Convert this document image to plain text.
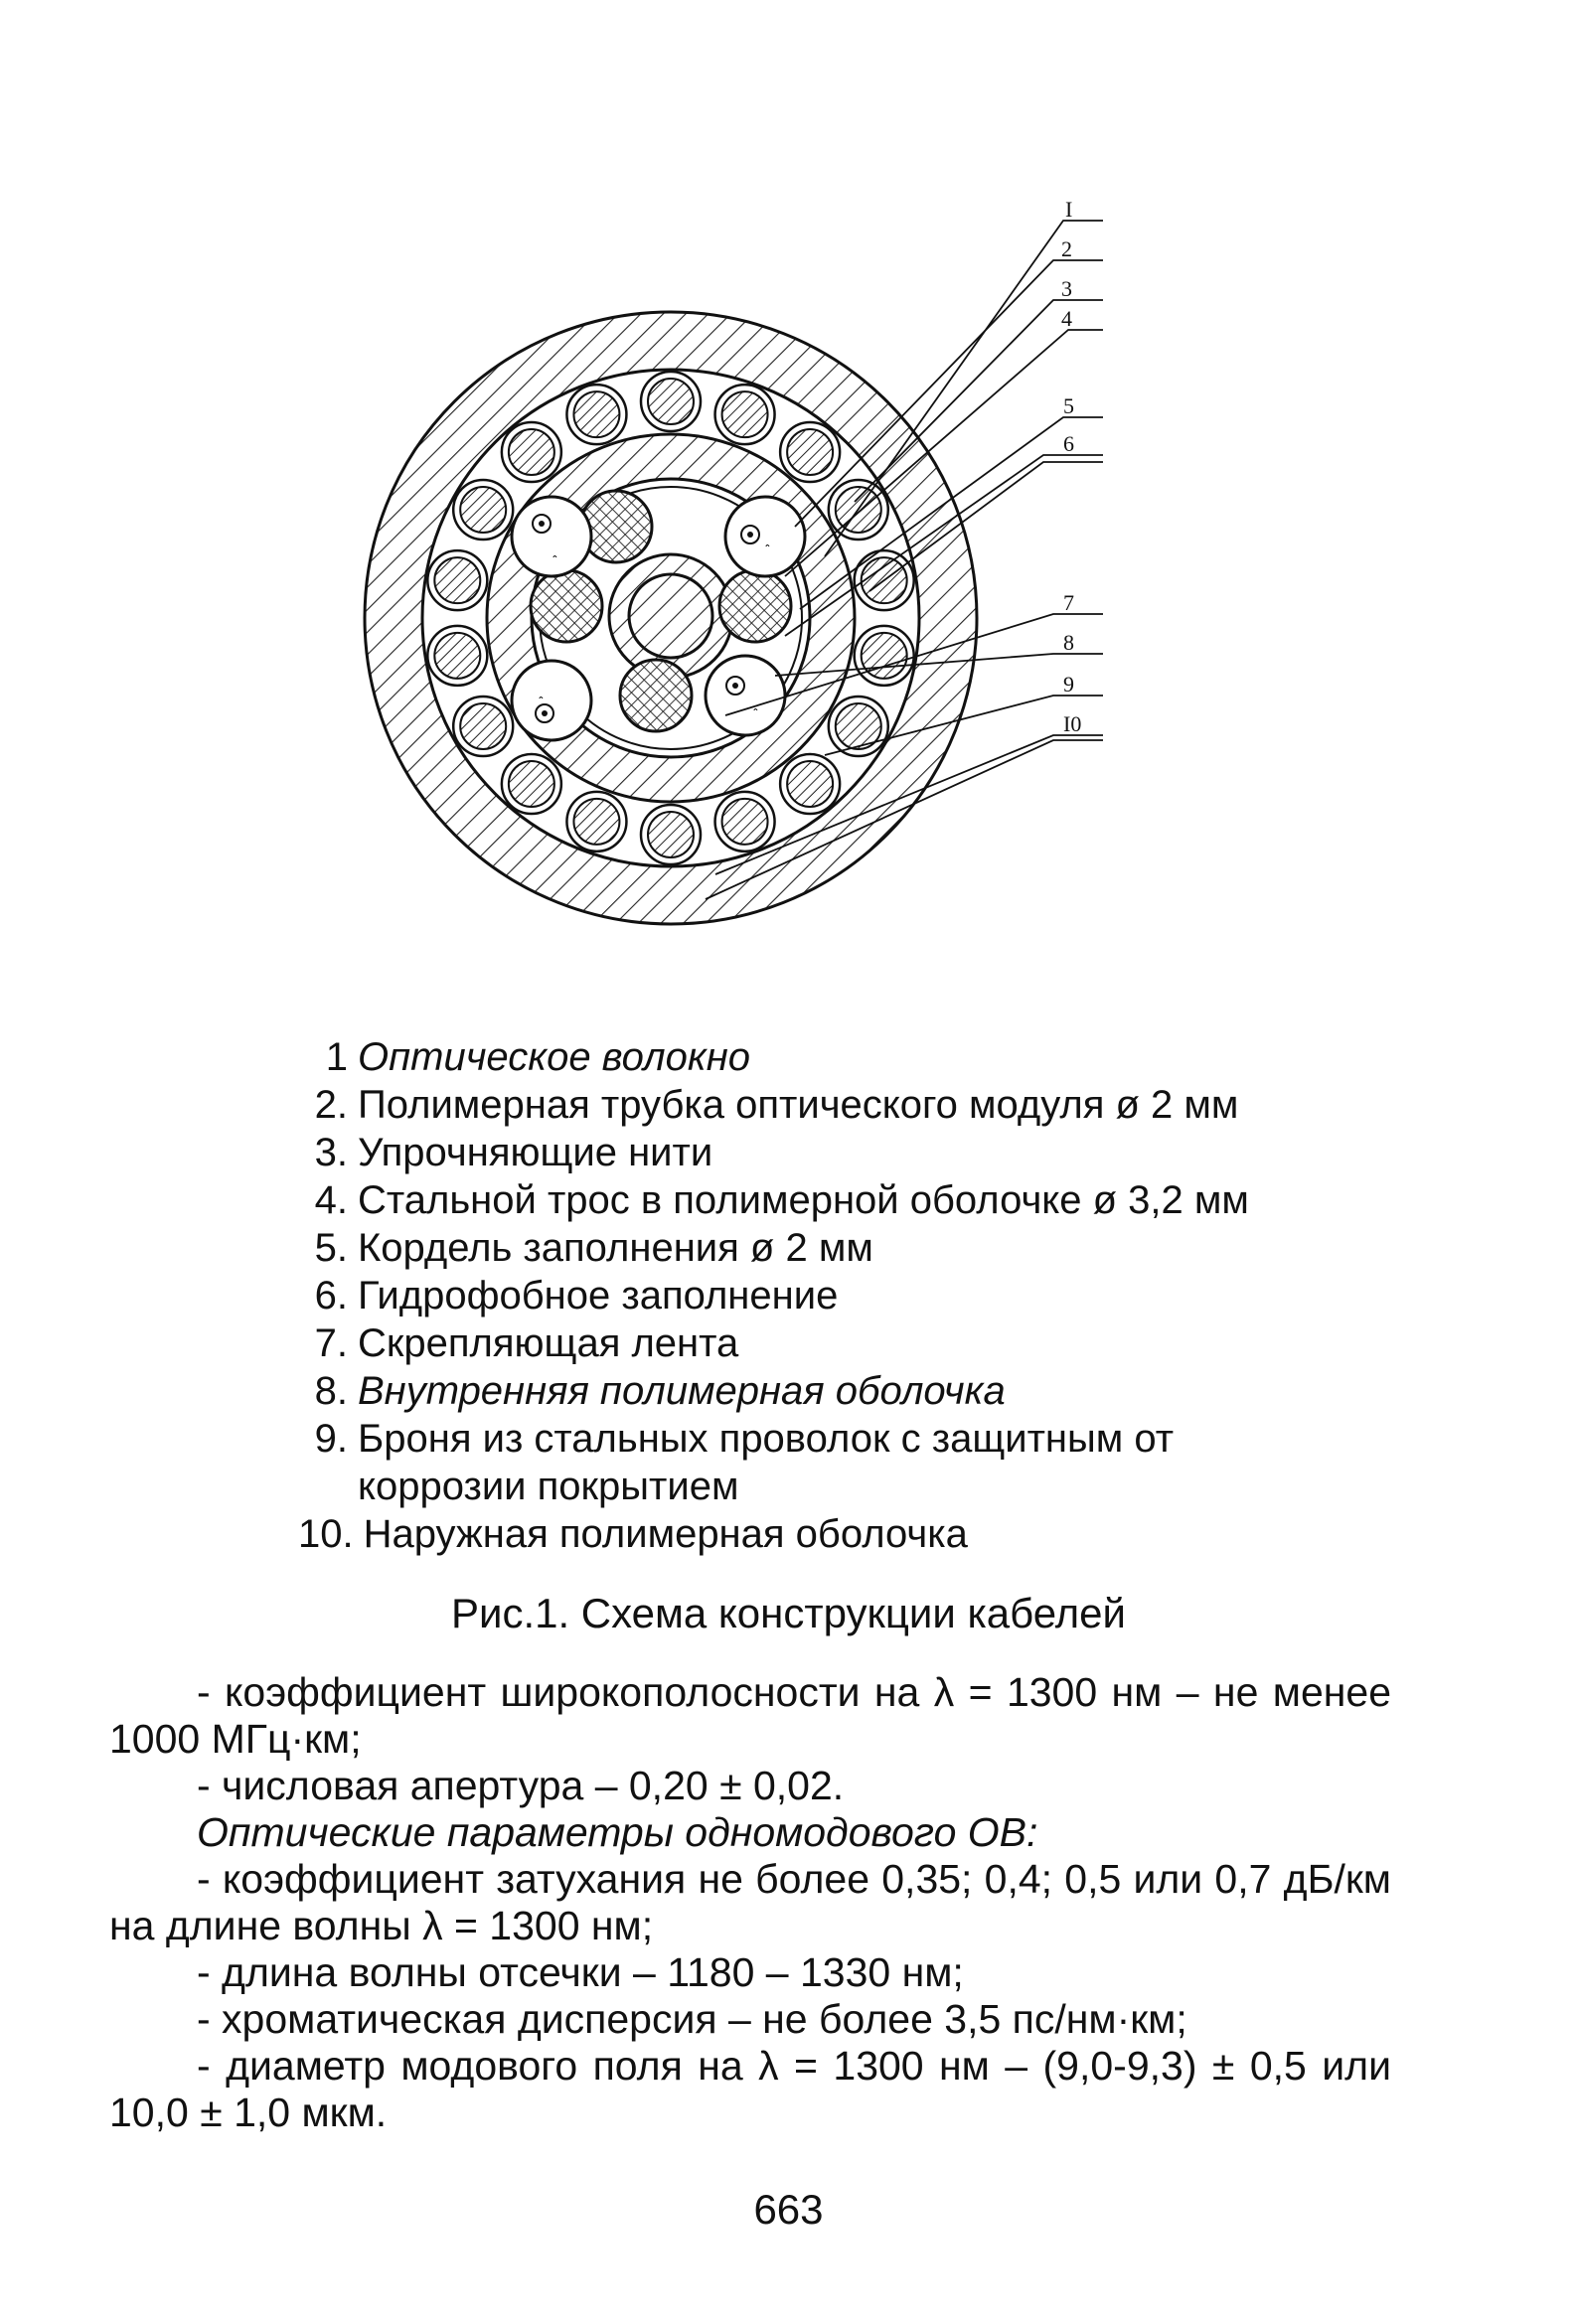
ꞈ
ꞈ
ꞈ
ꞈ
I
2
3
4
5
6
7
8
9
I0
1 Оптическое волокно
2. Полимерная трубка оптического модуля ø 2 мм
3. Упрочняющие нити
4. Стальной трос в полимерной оболочке ø 3,2 мм
5. Кордель заполнения ø 2 мм
6. Гидрофобное заполнение
7. Скрепляющая лента
8. Внутренняя полимерная оболочка
9. Броня из стальных проволок с защитным от коррозии покрытием
10. Наружная полимерная оболочка
Рис.1. Схема конструкции кабелей
- коэффициент широкополосности на λ = 1300 нм – не менее 1000 МГц·км;
- числовая апертура – 0,20 ± 0,02.
Оптические параметры одномодового ОВ:
- коэффициент затухания не более 0,35; 0,4; 0,5 или 0,7 дБ/км на длине волны λ = 1300 нм;
- длина волны отсечки – 1180 – 1330 нм;
- хроматическая дисперсия – не более 3,5 пс/нм·км;
- диаметр модового поля на λ = 1300 нм – (9,0-9,3) ± 0,5 или 10,0 ± 1,0 мкм.
663
